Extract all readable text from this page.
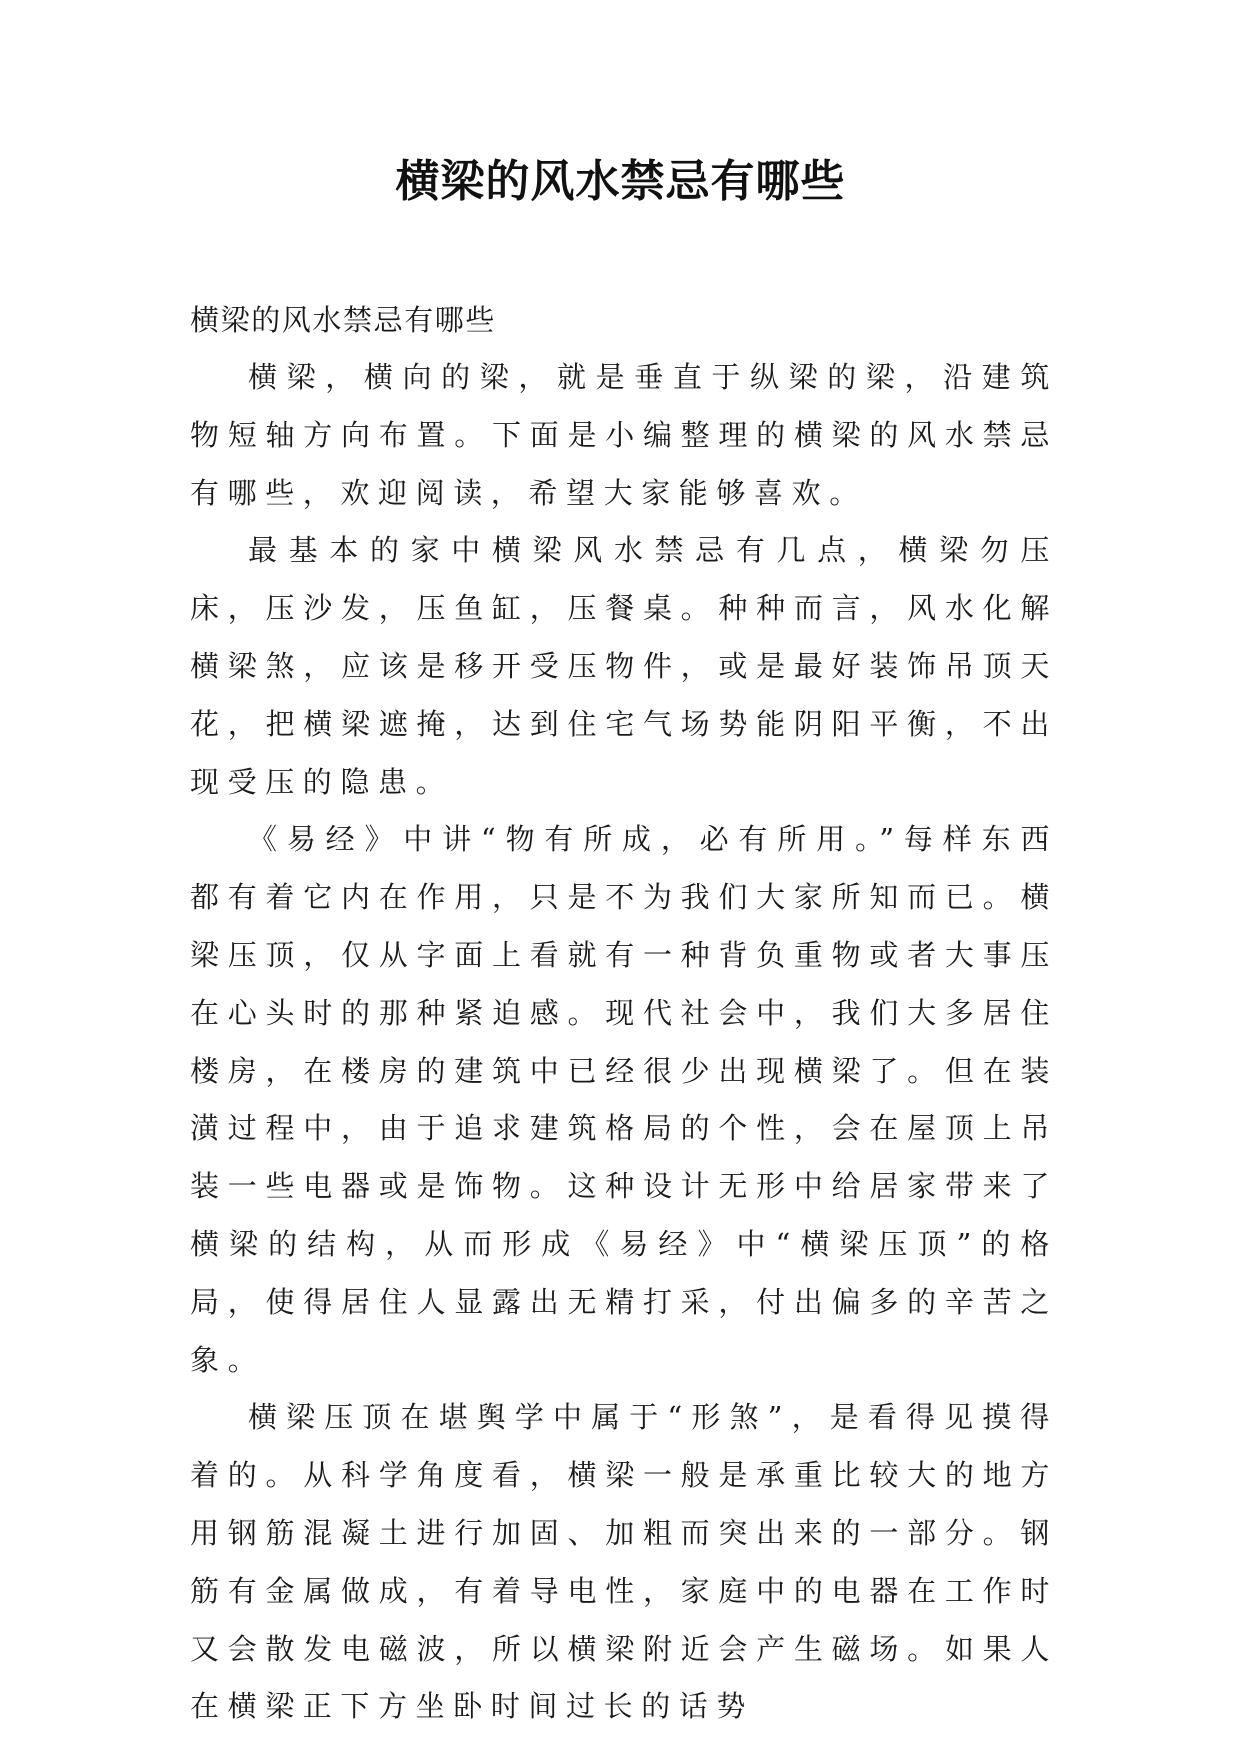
横梁的风水禁忌有哪些

横梁的风水禁忌有哪些

横梁，横向的梁，就是垂直于纵梁的梁，沿建筑物短轴方向布置。下面是小编整理的横梁的风水禁忌有哪些，欢迎阅读，希望大家能够喜欢。

最基本的家中横梁风水禁忌有几点，横梁勿压床，压沙发，压鱼缸，压餐桌。种种而言，风水化解横梁煞，应该是移开受压物件，或是最好装饰吊顶天花，把横梁遮掩，达到住宅气场势能阴阳平衡，不出现受压的隐患。

《易经》中讲“物有所成，必有所用。”每样东西都有着它内在作用，只是不为我们大家所知而已。横梁压顶，仅从字面上看就有一种背负重物或者大事压在心头时的那种紧迫感。现代社会中，我们大多居住楼房，在楼房的建筑中已经很少出现横梁了。但在装潢过程中，由于追求建筑格局的个性，会在屋顶上吊装一些电器或是饰物。这种设计无形中给居家带来了横梁的结构，从而形成《易经》中“横梁压顶”的格局，使得居住人显露出无精打采，付出偏多的辛苦之象。

横梁压顶在堪舆学中属于“形煞”，是看得见摸得着的。从科学角度看，横梁一般是承重比较大的地方用钢筋混凝土进行加固、加粗而突出来的一部分。钢筋有金属做成，有着导电性，家庭中的电器在工作时又会散发电磁波，所以横梁附近会产生磁场。如果人在横梁正下方坐卧时间过长的话势
